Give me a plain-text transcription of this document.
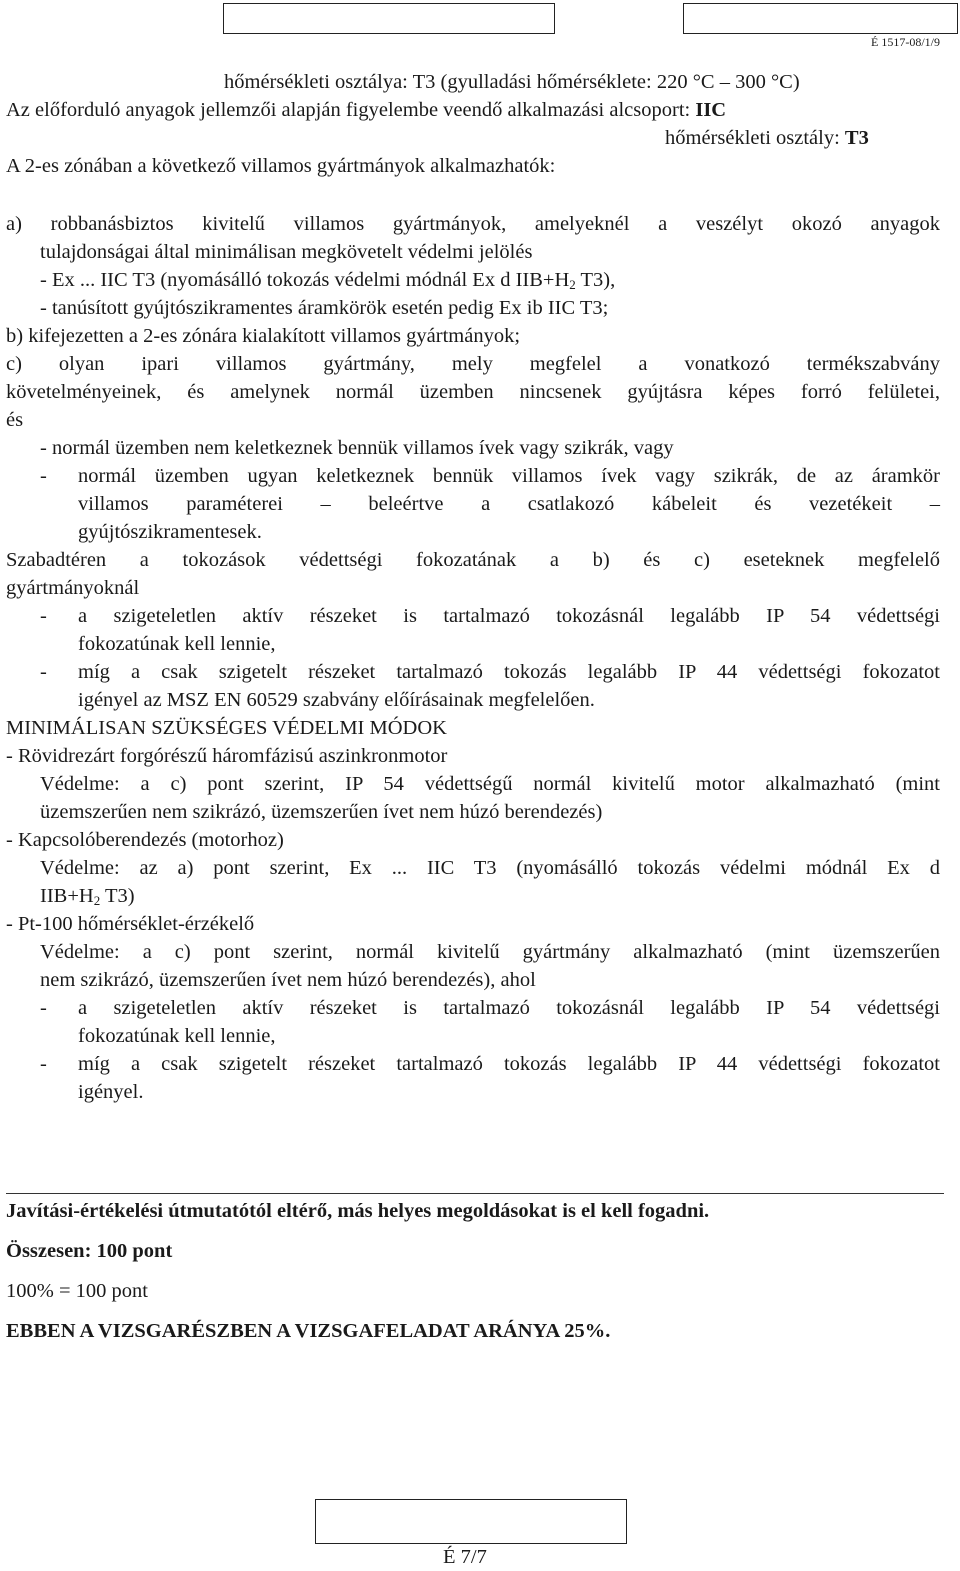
É 1517-08/1/9
hőmérsékleti osztálya: T3 (gyulladási hőmérséklete: 220 °C – 300 °C)
Az előforduló anyagok jellemzői alapján figyelembe veendő alkalmazási alcsoport: IIC
hőmérsékleti osztály: T3
A 2-es zónában a következő villamos gyártmányok alkalmazhatók:
a) robbanásbiztos kivitelű villamos gyártmányok, amelyeknél a veszélyt okozó anyagok
tulajdonságai által minimálisan megkövetelt védelmi jelölés
- Ex ... IIC T3 (nyomásálló tokozás védelmi módnál Ex d $IIB+H_2$ T3),
- tanúsított gyújtószikramentes áramkörök esetén pedig Ex ib IIC T3;
b) kifejezetten a 2-es zónára kialakított villamos gyártmányok;
c) olyan ipari villamos gyártmány, mely megfelel a vonatkozó termékszabvány
követelményeinek, és amelynek normál üzemben nincsenek gyújtásra képes forró felületei,
és
- normál üzemben nem keletkeznek bennük villamos ívek vagy szikrák, vagy
- normál üzemben ugyan keletkeznek bennük villamos ívek vagy szikrák, de az áramkör
villamos paraméterei – beleértve a csatlakozó kábeleit és vezetékeit –
gyújtószikramentesek.
Szabadtéren a tokozások védettségi fokozatának a b) és c) eseteknek megfelelő
gyártmányoknál
- a szigeteletlen aktív részeket is tartalmazó tokozásnál legalább IP 54 védettségi
fokozatúnak kell lennie,
- míg a csak szigetelt részeket tartalmazó tokozás legalább IP 44 védettségi fokozatot
igényel az MSZ EN 60529 szabvány előírásainak megfelelően.
MINIMÁLISAN SZÜKSÉGES VÉDELMI MÓDOK
- Rövidrezárt forgórészű háromfázisú aszinkronmotor
Védelme: a c) pont szerint, IP 54 védettségű normál kivitelű motor alkalmazható (mint
üzemszerűen nem szikrázó, üzemszerűen ívet nem húzó berendezés)
- Kapcsolóberendezés (motorhoz)
Védelme: az a) pont szerint, Ex ... IIC T3 (nyomásálló tokozás védelmi módnál Ex d
$IIB+H_2$ T3)
- Pt-100 hőmérséklet-érzékelő
Védelme: a c) pont szerint, normál kivitelű gyártmány alkalmazható (mint üzemszerűen
nem szikrázó, üzemszerűen ívet nem húzó berendezés), ahol
- a szigeteletlen aktív részeket is tartalmazó tokozásnál legalább IP 54 védettségi
fokozatúnak kell lennie,
- míg a csak szigetelt részeket tartalmazó tokozás legalább IP 44 védettségi fokozatot
igényel.
Javítási-értékelési útmutatótól eltérő, más helyes megoldásokat is el kell fogadni.
Összesen: 100 pont
100% = 100 pont
EBBEN A VIZSGARÉSZBEN A VIZSGAFELADAT ARÁNYA 25%.
É 7/7
